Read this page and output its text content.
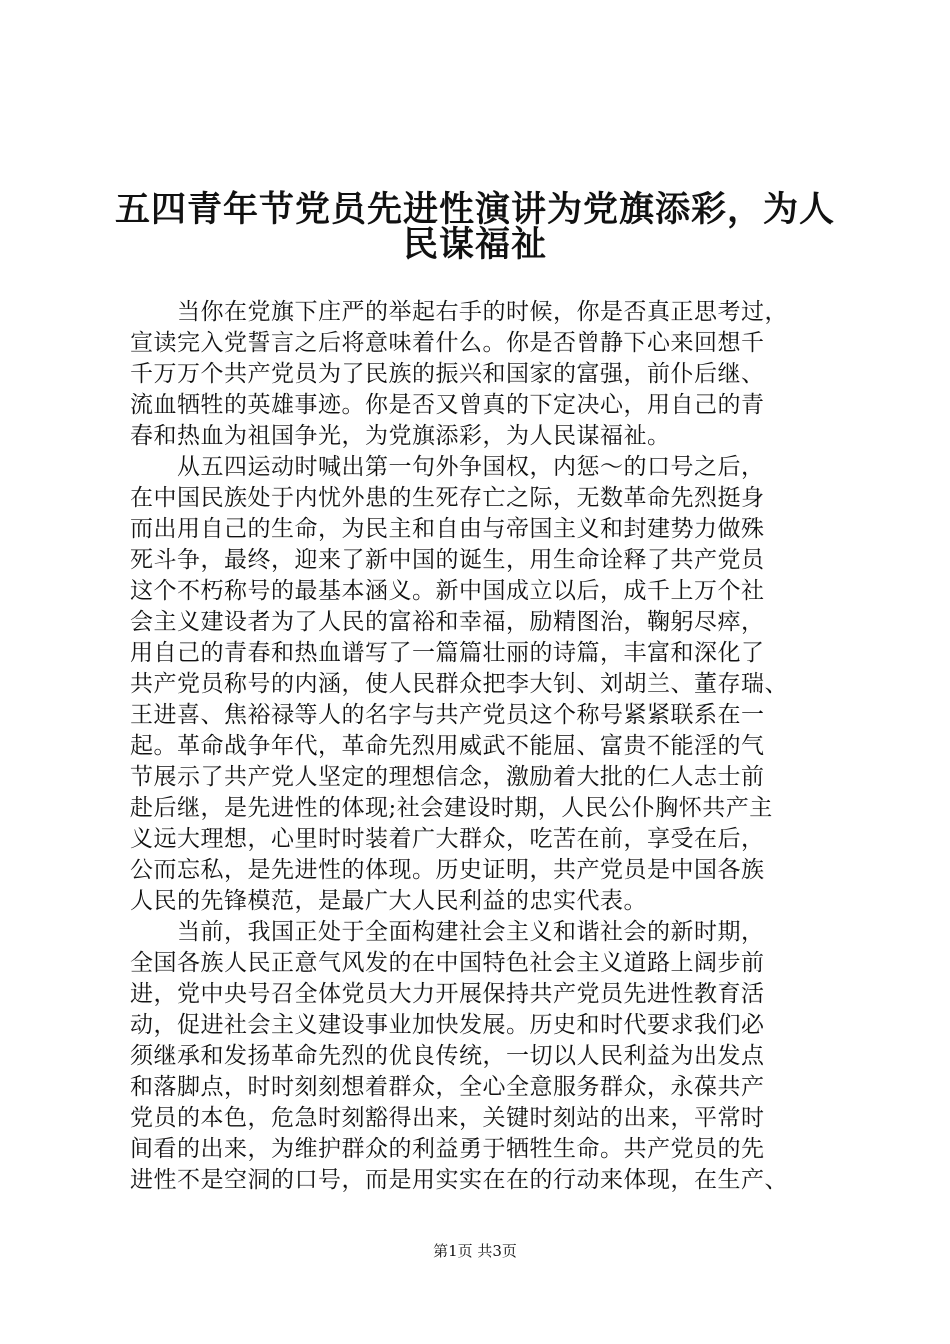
五四青年节党员先进性演讲为党旗添彩，为人
民谋福祉
　　当你在党旗下庄严的举起右手的时候，你是否真正思考过，
宣读完入党誓言之后将意味着什么。你是否曾静下心来回想千
千万万个共产党员为了民族的振兴和国家的富强，前仆后继、
流血牺牲的英雄事迹。你是否又曾真的下定决心，用自己的青
春和热血为祖国争光，为党旗添彩，为人民谋福祉。
　　从五四运动时喊出第一句外争国权，内惩～的口号之后，
在中国民族处于内忧外患的生死存亡之际，无数革命先烈挺身
而出用自己的生命，为民主和自由与帝国主义和封建势力做殊
死斗争，最终，迎来了新中国的诞生，用生命诠释了共产党员
这个不朽称号的最基本涵义。新中国成立以后，成千上万个社
会主义建设者为了人民的富裕和幸福，励精图治，鞠躬尽瘁，
用自己的青春和热血谱写了一篇篇壮丽的诗篇，丰富和深化了
共产党员称号的内涵，使人民群众把李大钊、刘胡兰、董存瑞、
王进喜、焦裕禄等人的名字与共产党员这个称号紧紧联系在一
起。革命战争年代，革命先烈用威武不能屈、富贵不能淫的气
节展示了共产党人坚定的理想信念，激励着大批的仁人志士前
赴后继，是先进性的体现;社会建设时期，人民公仆胸怀共产主
义远大理想，心里时时装着广大群众，吃苦在前，享受在后，
公而忘私，是先进性的体现。历史证明，共产党员是中国各族
人民的先锋模范，是最广大人民利益的忠实代表。
　　当前，我国正处于全面构建社会主义和谐社会的新时期，
全国各族人民正意气风发的在中国特色社会主义道路上阔步前
进，党中央号召全体党员大力开展保持共产党员先进性教育活
动，促进社会主义建设事业加快发展。历史和时代要求我们必
须继承和发扬革命先烈的优良传统，一切以人民利益为出发点
和落脚点，时时刻刻想着群众，全心全意服务群众，永葆共产
党员的本色，危急时刻豁得出来，关键时刻站的出来，平常时
间看的出来，为维护群众的利益勇于牺牲生命。共产党员的先
进性不是空洞的口号，而是用实实在在的行动来体现，在生产、
第1页 共3页
